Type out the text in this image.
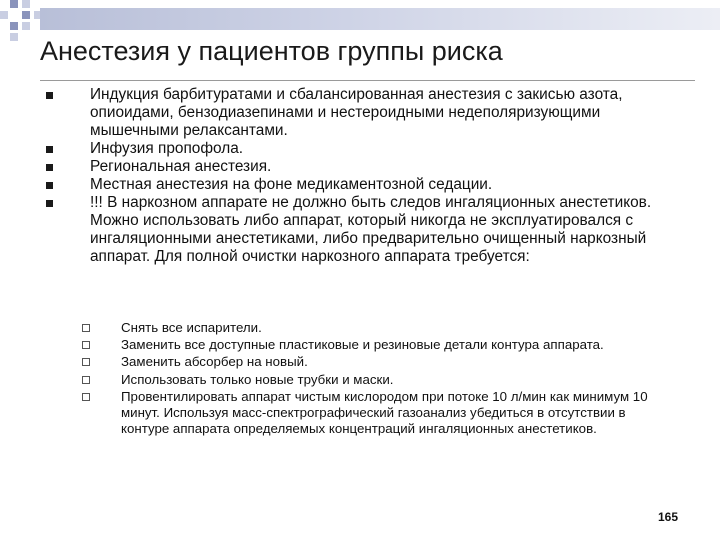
Анестезия у пациентов группы риска
Индукция барбитуратами и сбалансированная анестезия с закисью азота, опиоидами, бензодиазепинами и нестероидными недеполяризующими мышечными релаксантами.
Инфузия пропофола.
Региональная анестезия.
Местная анестезия на фоне медикаментозной седации.
!!! В наркозном аппарате не должно быть следов ингаляционных анестетиков. Можно использовать либо аппарат, который никогда не эксплуатировался с ингаляционными анестетиками, либо предварительно очищенный наркозный аппарат. Для полной очистки наркозного аппарата требуется:
Снять все испарители.
Заменить все доступные пластиковые и резиновые детали контура аппарата.
Заменить абсорбер на новый.
Использовать только новые трубки и маски.
Провентилировать аппарат чистым кислородом при потоке 10 л/мин как минимум 10 минут. Используя масс-спектрографический газоанализ убедиться в отсутствии в контуре аппарата определяемых концентраций ингаляционных анестетиков.
165
